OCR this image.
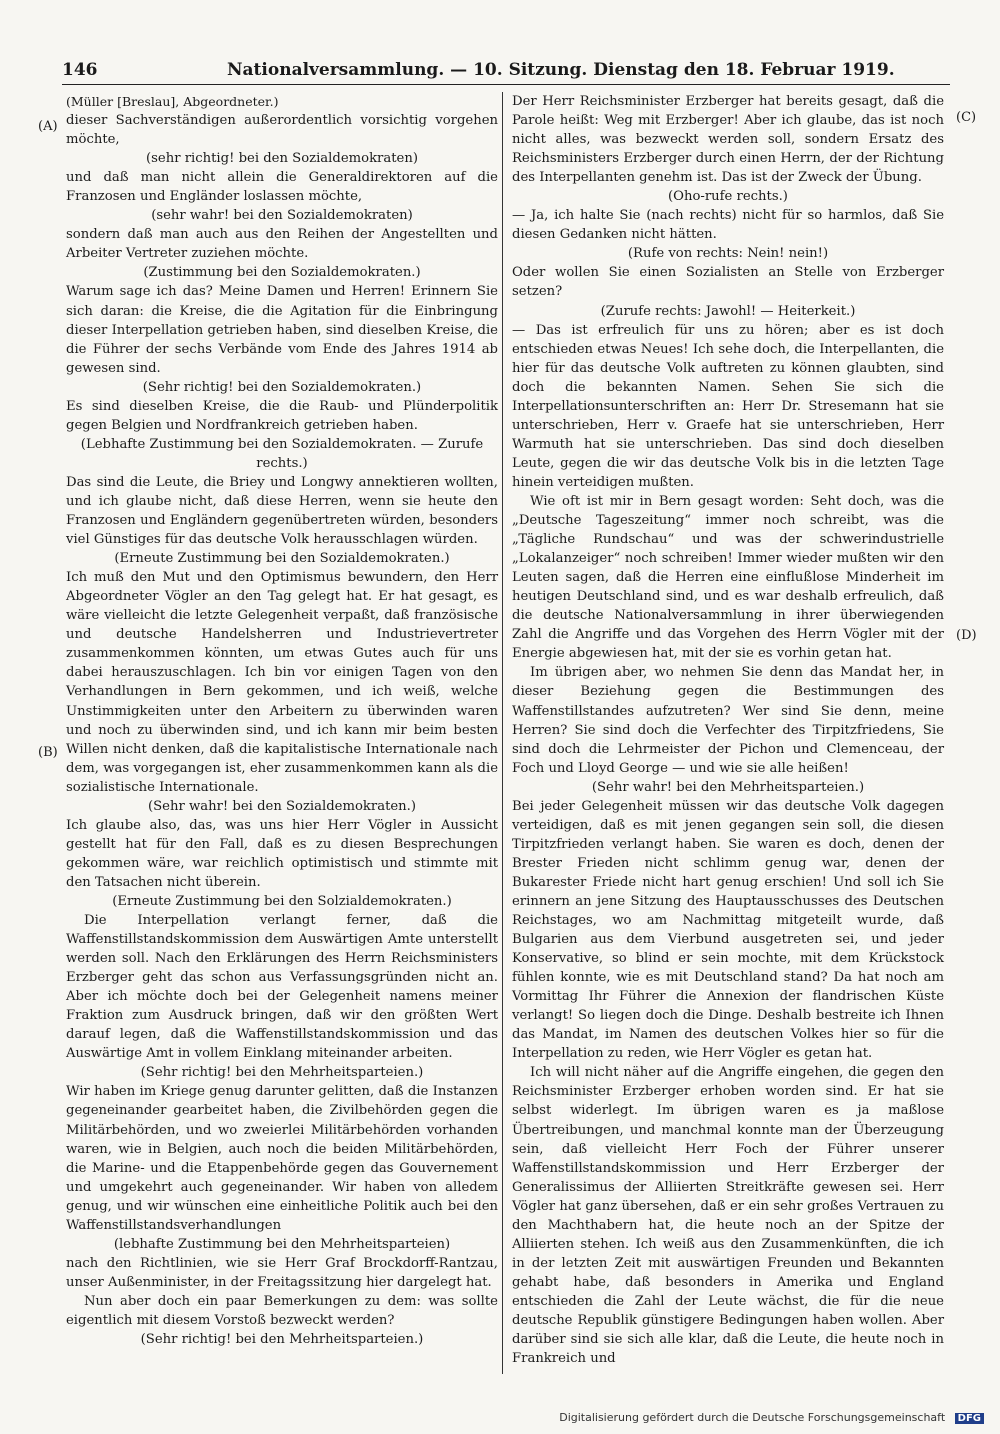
146	Nationalversammlung. — 10. Sitzung. Dienstag den 18. Februar 1919.
(A)
(B)
(C)
(D)

(Müller [Breslau], Abgeordneter.)

dieser Sachverständigen außerordentlich vorsichtig vorgehen möchte,

(sehr richtig! bei den Sozialdemokraten)

und daß man nicht allein die Generaldirektoren auf die Franzosen und Engländer loslassen möchte,

(sehr wahr! bei den Sozialdemokraten)

sondern daß man auch aus den Reihen der Angestellten und Arbeiter Vertreter zuziehen möchte.

(Zustimmung bei den Sozialdemokraten.)

Warum sage ich das? Meine Damen und Herren! Erinnern Sie sich daran: die Kreise, die die Agitation für die Einbringung dieser Interpellation getrieben haben, sind dieselben Kreise, die die Führer der sechs Verbände vom Ende des Jahres 1914 ab gewesen sind.

(Sehr richtig! bei den Sozialdemokraten.)

Es sind dieselben Kreise, die die Raub- und Plünderpolitik gegen Belgien und Nordfrankreich getrieben haben.

(Lebhafte Zustimmung bei den Sozialdemokraten. — Zurufe rechts.)

Das sind die Leute, die Briey und Longwy annektieren wollten, und ich glaube nicht, daß diese Herren, wenn sie heute den Franzosen und Engländern gegenübertreten würden, besonders viel Günstiges für das deutsche Volk herausschlagen würden.

(Erneute Zustimmung bei den Sozialdemokraten.)

Ich muß den Mut und den Optimismus bewundern, den Herr Abgeordneter Vögler an den Tag gelegt hat. Er hat gesagt, es wäre vielleicht die letzte Gelegenheit verpaßt, daß französische und deutsche Handelsherren und Industrievertreter zusammenkommen könnten, um etwas Gutes auch für uns dabei herauszuschlagen. Ich bin vor einigen Tagen von den Verhandlungen in Bern gekommen, und ich weiß, welche Unstimmigkeiten unter den Arbeitern zu überwinden waren und noch zu überwinden sind, und ich kann mir beim besten Willen nicht denken, daß die kapitalistische Internationale nach dem, was vorgegangen ist, eher zusammenkommen kann als die sozialistische Internationale.

(Sehr wahr! bei den Sozialdemokraten.)

Ich glaube also, das, was uns hier Herr Vögler in Aussicht gestellt hat für den Fall, daß es zu diesen Besprechungen gekommen wäre, war reichlich optimistisch und stimmte mit den Tatsachen nicht überein.

(Erneute Zustimmung bei den Solzialdemokraten.)

Die Interpellation verlangt ferner, daß die Waffenstillstandskommission dem Auswärtigen Amte unterstellt werden soll. Nach den Erklärungen des Herrn Reichsministers Erzberger geht das schon aus Verfassungsgründen nicht an. Aber ich möchte doch bei der Gelegenheit namens meiner Fraktion zum Ausdruck bringen, daß wir den größten Wert darauf legen, daß die Waffenstillstandskommission und das Auswärtige Amt in vollem Einklang miteinander arbeiten.

(Sehr richtig! bei den Mehrheitsparteien.)

Wir haben im Kriege genug darunter gelitten, daß die Instanzen gegeneinander gearbeitet haben, die Zivilbehörden gegen die Militärbehörden, und wo zweierlei Militärbehörden vorhanden waren, wie in Belgien, auch noch die beiden Militärbehörden, die Marine- und die Etappenbehörde gegen das Gouvernement und umgekehrt auch gegeneinander. Wir haben von alledem genug, und wir wünschen eine einheitliche Politik auch bei den Waffenstillstandsverhandlungen

(lebhafte Zustimmung bei den Mehrheitsparteien)

nach den Richtlinien, wie sie Herr Graf Brockdorff-Rantzau, unser Außenminister, in der Freitagssitzung hier dargelegt hat.

Nun aber doch ein paar Bemerkungen zu dem: was sollte eigentlich mit diesem Vorstoß bezweckt werden?

(Sehr richtig! bei den Mehrheitsparteien.)

Der Herr Reichsminister Erzberger hat bereits gesagt, daß die Parole heißt: Weg mit Erzberger! Aber ich glaube, das ist noch nicht alles, was bezweckt werden soll, sondern Ersatz des Reichsministers Erzberger durch einen Herrn, der der Richtung des Interpellanten genehm ist. Das ist der Zweck der Übung.

(Oho-rufe rechts.)

— Ja, ich halte Sie (nach rechts) nicht für so harmlos, daß Sie diesen Gedanken nicht hätten.

(Rufe von rechts: Nein! nein!)

Oder wollen Sie einen Sozialisten an Stelle von Erzberger setzen?

(Zurufe rechts: Jawohl! — Heiterkeit.)

— Das ist erfreulich für uns zu hören; aber es ist doch entschieden etwas Neues! Ich sehe doch, die Interpellanten, die hier für das deutsche Volk auftreten zu können glaubten, sind doch die bekannten Namen. Sehen Sie sich die Interpellationsunterschriften an: Herr Dr. Stresemann hat sie unterschrieben, Herr v. Graefe hat sie unterschrieben, Herr Warmuth hat sie unterschrieben. Das sind doch dieselben Leute, gegen die wir das deutsche Volk bis in die letzten Tage hinein verteidigen mußten.

Wie oft ist mir in Bern gesagt worden: Seht doch, was die „Deutsche Tageszeitung“ immer noch schreibt, was die „Tägliche Rundschau“ und was der schwerindustrielle „Lokalanzeiger“ noch schreiben! Immer wieder mußten wir den Leuten sagen, daß die Herren eine einflußlose Minderheit im heutigen Deutschland sind, und es war deshalb erfreulich, daß die deutsche Nationalversammlung in ihrer überwiegenden Zahl die Angriffe und das Vorgehen des Herrn Vögler mit der Energie abgewiesen hat, mit der sie es vorhin getan hat.

Im übrigen aber, wo nehmen Sie denn das Mandat her, in dieser Beziehung gegen die Bestimmungen des Waffenstillstandes aufzutreten? Wer sind Sie denn, meine Herren? Sie sind doch die Verfechter des Tirpitzfriedens, Sie sind doch die Lehrmeister der Pichon und Clemenceau, der Foch und Lloyd George — und wie sie alle heißen!

(Sehr wahr! bei den Mehrheitsparteien.)

Bei jeder Gelegenheit müssen wir das deutsche Volk dagegen verteidigen, daß es mit jenen gegangen sein soll, die diesen Tirpitzfrieden verlangt haben. Sie waren es doch, denen der Brester Frieden nicht schlimm genug war, denen der Bukarester Friede nicht hart genug erschien! Und soll ich Sie erinnern an jene Sitzung des Hauptausschusses des Deutschen Reichstages, wo am Nachmittag mitgeteilt wurde, daß Bulgarien aus dem Vierbund ausgetreten sei, und jeder Konservative, so blind er sein mochte, mit dem Krückstock fühlen konnte, wie es mit Deutschland stand? Da hat noch am Vormittag Ihr Führer die Annexion der flandrischen Küste verlangt! So liegen doch die Dinge. Deshalb bestreite ich Ihnen das Mandat, im Namen des deutschen Volkes hier so für die Interpellation zu reden, wie Herr Vögler es getan hat.

Ich will nicht näher auf die Angriffe eingehen, die gegen den Reichsminister Erzberger erhoben worden sind. Er hat sie selbst widerlegt. Im übrigen waren es ja maßlose Übertreibungen, und manchmal konnte man der Überzeugung sein, daß vielleicht Herr Foch der Führer unserer Waffenstillstandskommission und Herr Erzberger der Generalissimus der Alliierten Streitkräfte gewesen sei. Herr Vögler hat ganz übersehen, daß er ein sehr großes Vertrauen zu den Machthabern hat, die heute noch an der Spitze der Alliierten stehen. Ich weiß aus den Zusammenkünften, die ich in der letzten Zeit mit auswärtigen Freunden und Bekannten gehabt habe, daß besonders in Amerika und England entschieden die Zahl der Leute wächst, die für die neue deutsche Republik günstigere Bedingungen haben wollen. Aber darüber sind sie sich alle klar, daß die Leute, die heute noch in Frankreich und

Digitalisierung gefördert durch die Deutsche Forschungsgemeinschaft DFG
